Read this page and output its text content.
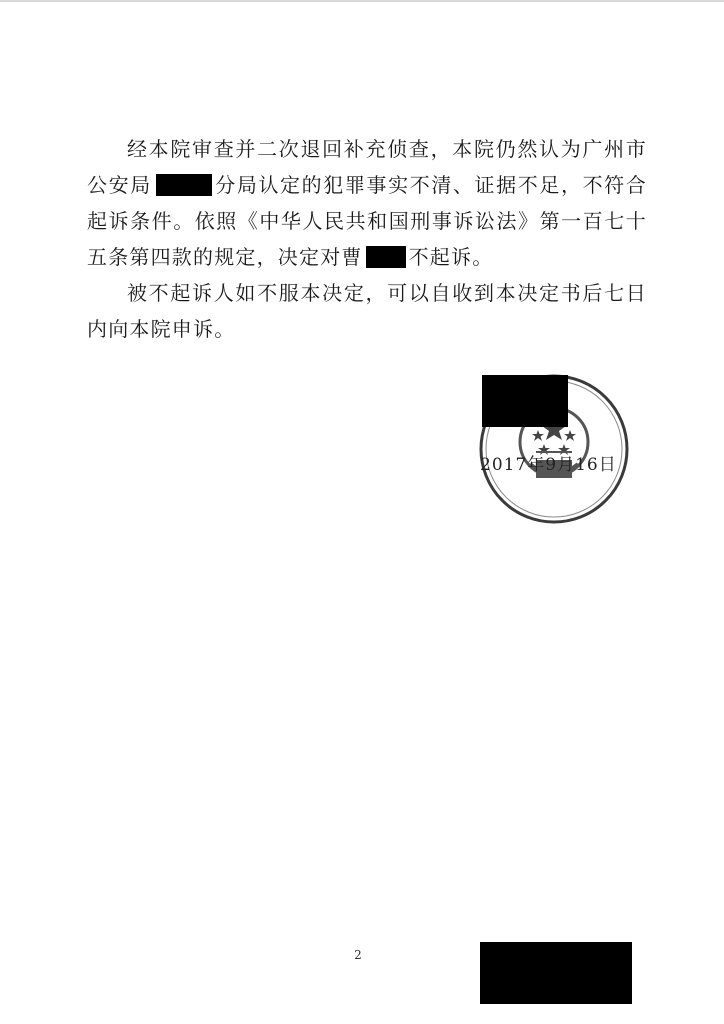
经本院审查并二次退回补充侦查，本院仍然认为广州市公安局	分局认定的犯罪事实不清、证据不足，不符合起诉条件。依照《中华人民共和国刑事诉讼法》第一百七十五条第四款的规定，决定对曹 不起诉。

被不起诉人如不服本决定，可以自收到本决定书后七日内向本院申诉。

2017年9月16日
2
